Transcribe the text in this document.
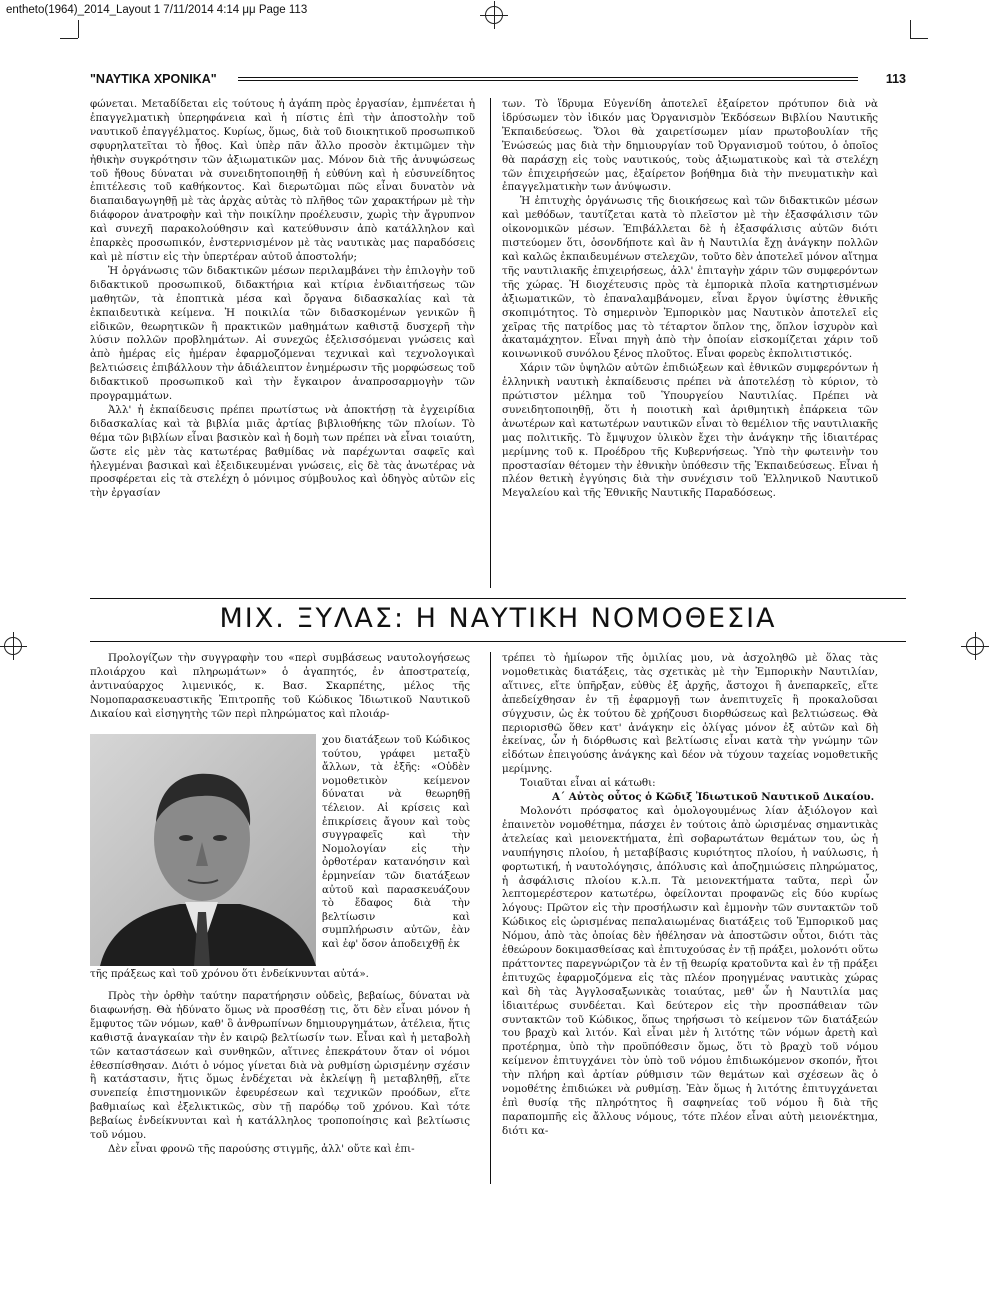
entheto(1964)_2014_Layout 1 7/11/2014 4:14 μμ Page 113
"ΝΑΥΤΙΚΑ ΧΡΟΝΙΚΑ"	113

φώνεται. Μεταδίδεται εἰς τούτους ἡ ἀγάπη πρὸς ἐργασίαν, ἐμπνέεται ἡ ἐπαγγελματικὴ ὑπερηφάνεια καὶ ἡ πίστις ἐπὶ τὴν ἀποστολὴν τοῦ ναυτικοῦ ἐπαγγέλματος. Κυρίως, ὅμως, διὰ τοῦ διοικητικοῦ προσωπικοῦ σφυρηλατεῖται τὸ ἦθος. Καὶ ὑπὲρ πᾶν ἄλλο προσὸν ἐκτιμῶμεν τὴν ἠθικὴν συγκρότησιν τῶν ἀξιωματικῶν μας. Μόνον διὰ τῆς ἀνυψώσεως τοῦ ἤθους δύναται νὰ συνειδητοποιηθῇ ἡ εὐθύνη καὶ ἡ εὐσυνείδητος ἐπιτέλεσις τοῦ καθήκοντος. Καὶ διερωτῶμαι πῶς εἶναι δυνατὸν νὰ διαπαιδαγωγηθῇ μὲ τὰς ἀρχὰς αὐτὰς τὸ πλῆθος τῶν χαρακτήρων μὲ τὴν διάφορον ἀνατροφὴν καὶ τὴν ποικίλην προέλευσιν, χωρὶς τὴν ἄγρυπνον καὶ συνεχῆ παρακολούθησιν καὶ κατεύθυνσιν ἀπὸ κατάλληλον καὶ ἐπαρκὲς προσωπικόν, ἐνστερνισμένον μὲ τὰς ναυτικὰς μας παραδόσεις καὶ μὲ πίστιν εἰς τὴν ὑπερτέραν αὐτοῦ ἀποστολήν;

Ἡ ὀργάνωσις τῶν διδακτικῶν μέσων περιλαμβάνει τὴν ἐπιλογὴν τοῦ διδακτικοῦ προσωπικοῦ, διδακτήρια καὶ κτίρια ἐνδιαιτήσεως τῶν μαθητῶν, τὰ ἐποπτικὰ μέσα καὶ ὄργανα διδασκαλίας καὶ τὰ ἐκπαιδευτικὰ κείμενα. Ἡ ποικιλία τῶν διδασκομένων γενικῶν ἢ εἰδικῶν, θεωρητικῶν ἢ πρακτικῶν μαθημάτων καθιστᾷ δυσχερῆ τὴν λύσιν πολλῶν προβλημάτων. Αἱ συνεχῶς ἐξελισσόμεναι γνώσεις καὶ ἀπὸ ἡμέρας εἰς ἡμέραν ἐφαρμοζόμεναι τεχνικαὶ καὶ τεχνολογικαὶ βελτιώσεις ἐπιβάλλουν τὴν ἀδιάλειπτον ἐνημέρωσιν τῆς μορφώσεως τοῦ διδακτικοῦ προσωπικοῦ καὶ τὴν ἔγκαιρον ἀναπροσαρμογὴν τῶν προγραμμάτων.

Ἀλλ' ἡ ἐκπαίδευσις πρέπει πρωτίστως νὰ ἀποκτήσῃ τὰ ἐγχειρίδια διδασκαλίας καὶ τὰ βιβλία μιᾶς ἀρτίας βιβλιοθήκης τῶν πλοίων. Τὸ θέμα τῶν βιβλίων εἶναι βασικὸν καὶ ἡ δομὴ των πρέπει νὰ εἶναι τοιαύτη, ὥστε εἰς μὲν τὰς κατωτέρας βαθμίδας νὰ παρέχωνται σαφεῖς καὶ ἠλεγμέναι βασικαὶ καὶ ἐξειδικευμέναι γνώσεις, εἰς δὲ τὰς ἀνωτέρας νὰ προσφέρεται εἰς τὰ στελέχη ὁ μόνιμος σύμβουλος καὶ ὁδηγὸς αὐτῶν εἰς τὴν ἐργασίαν

των. Τὸ ἵδρυμα Εὐγενίδη ἀποτελεῖ ἐξαίρετον πρότυπον διὰ νὰ ἱδρύσωμεν τὸν ἰδικόν μας Ὀργανισμὸν Ἐκδόσεων Βιβλίου Ναυτικῆς Ἐκπαιδεύσεως. Ὅλοι θὰ χαιρετίσωμεν μίαν πρωτοβουλίαν τῆς Ἑνώσεώς μας διὰ τὴν δημιουργίαν τοῦ Ὀργανισμοῦ τούτου, ὁ ὁποῖος θὰ παράσχῃ εἰς τοὺς ναυτικούς, τοὺς ἀξιωματικοὺς καὶ τὰ στελέχη τῶν ἐπιχειρήσεών μας, ἐξαίρετον βοήθημα διὰ τὴν πνευματικὴν καὶ ἐπαγγελματικὴν των ἀνύψωσιν.

Ἡ ἐπιτυχὴς ὀργάνωσις τῆς διοικήσεως καὶ τῶν διδακτικῶν μέσων καὶ μεθόδων, ταυτίζεται κατὰ τὸ πλεῖστον μὲ τὴν ἐξασφάλισιν τῶν οἰκονομικῶν μέσων. Ἐπιβάλλεται δὲ ἡ ἐξασφάλισις αὐτῶν διότι πιστεύομεν ὅτι, ὁσονδήποτε καὶ ἂν ἡ Ναυτιλία ἔχῃ ἀνάγκην πολλῶν καὶ καλῶς ἐκπαιδευμένων στελεχῶν, τοῦτο δὲν ἀποτελεῖ μόνον αἴτημα τῆς ναυτιλιακῆς ἐπιχειρήσεως, ἀλλ' ἐπιταγὴν χάριν τῶν συμφερόντων τῆς χώρας. Ἡ διοχέτευσις πρὸς τὰ ἐμπορικὰ πλοῖα κατηρτισμένων ἀξιωματικῶν, τὸ ἐπαναλαμβάνομεν, εἶναι ἔργον ὑψίστης ἐθνικῆς σκοπιμότητος. Τὸ σημερινὸν Ἐμπορικὸν μας Ναυτικὸν ἀποτελεῖ εἰς χεῖρας τῆς πατρίδος μας τὸ τέταρτον ὅπλον της, ὅπλον ἰσχυρὸν καὶ ἀκαταμάχητον. Εἶναι πηγὴ ἀπὸ τὴν ὁποίαν εἰσκομίζεται χάριν τοῦ κοινωνικοῦ συνόλου ξένος πλοῦτος. Εἶναι φορεὺς ἐκπολιτιστικός.

Χάριν τῶν ὑψηλῶν αὐτῶν ἐπιδιώξεων καὶ ἐθνικῶν συμφερόντων ἡ ἑλληνικὴ ναυτικὴ ἐκπαίδευσις πρέπει νὰ ἀποτελέσῃ τὸ κύριον, τὸ πρώτιστον μέλημα τοῦ Ὑπουργείου Ναυτιλίας. Πρέπει νὰ συνειδητοποιηθῇ, ὅτι ἡ ποιοτικὴ καὶ ἀριθμητικὴ ἐπάρκεια τῶν ἀνωτέρων καὶ κατωτέρων ναυτικῶν εἶναι τὸ θεμέλιον τῆς ναυτιλιακῆς μας πολιτικῆς. Τὸ ἔμψυχον ὑλικὸν ἔχει τὴν ἀνάγκην τῆς ἰδιαιτέρας μερίμνης τοῦ κ. Προέδρου τῆς Κυβερνήσεως. Ὑπὸ τὴν φωτεινὴν του προστασίαν θέτομεν τὴν ἐθνικὴν ὑπόθεσιν τῆς Ἐκπαιδεύσεως. Εἶναι ἡ πλέον θετικὴ ἐγγύησις διὰ τὴν συνέχισιν τοῦ Ἑλληνικοῦ Ναυτικοῦ Μεγαλείου καὶ τῆς Ἐθνικῆς Ναυτικῆς Παραδόσεως.

ΜΙΧ. ΞΥΛΑΣ: Η ΝΑΥΤΙΚΗ ΝΟΜΟΘΕΣΙΑ

Προλογίζων τὴν συγγραφὴν του «περὶ συμβάσεως ναυτολογήσεως πλοιάρχου καὶ πληρωμάτων» ὁ ἀγαπητός, ἐν ἀποστρατείᾳ, ἀντιναύαρχος λιμενικός, κ. Βασ. Σκαρπέτης, μέλος τῆς Νομοπαρασκευαστικῆς Ἐπιτροπῆς τοῦ Κώδικος Ἰδιωτικοῦ Ναυτικοῦ Δικαίου καὶ εἰσηγητὴς τῶν περὶ πληρώματος καὶ πλοιάρ-

χου διατάξεων τοῦ Κώδικος τούτου, γράφει μεταξὺ ἄλλων, τὰ ἑξῆς: «Οὐδὲν νομοθετικὸν κείμενον δύναται νὰ θεωρηθῇ τέλειον. Αἱ κρίσεις καὶ ἐπικρίσεις ἄγουν καὶ τοὺς συγγραφεῖς καὶ τὴν Νομολογίαν εἰς τὴν ὀρθοτέραν κατανόησιν καὶ ἑρμηνείαν τῶν διατάξεων αὐτοῦ καὶ παρασκευάζουν τὸ ἔδαφος διὰ τὴν βελτίωσιν καὶ συμπλήρωσιν αὐτῶν, ἐὰν καὶ ἐφ' ὅσον ἀποδειχθῇ ἐκ

τῆς πράξεως καὶ τοῦ χρόνου ὅτι ἐνδείκνυνται αὐτά».

Πρὸς τὴν ὀρθὴν ταύτην παρατήρησιν οὐδεὶς, βεβαίως, δύναται νὰ διαφωνήσῃ. Θὰ ἠδύνατο ὅμως νὰ προσθέσῃ τις, ὅτι δὲν εἶναι μόνον ἡ ἔμφυτος τῶν νόμων, καθ' ὃ ἀνθρωπίνων δημιουργημάτων, ἀτέλεια, ἥτις καθιστᾷ ἀναγκαίαν τὴν ἐν καιρῷ βελτίωσίν των. Εἶναι καὶ ἡ μεταβολὴ τῶν καταστάσεων καὶ συνθηκῶν, αἵτινες ἐπεκράτουν ὅταν οἱ νόμοι ἐθεσπίσθησαν. Διότι ὁ νόμος γίνεται διὰ νὰ ρυθμίσῃ ὡρισμένην σχέσιν ἢ κατάστασιν, ἥτις ὅμως ἐνδέχεται νὰ ἐκλείψῃ ἢ μεταβληθῇ, εἴτε συνεπείᾳ ἐπιστημονικῶν ἐφευρέσεων καὶ τεχνικῶν προόδων, εἴτε βαθμιαίως καὶ ἐξελικτικῶς, σὺν τῇ παρόδῳ τοῦ χρόνου. Καὶ τότε βεβαίως ἐνδείκνυνται καὶ ἡ κατάλληλος τροποποίησις καὶ βελτίωσις τοῦ νόμου.

Δὲν εἶναι φρονῶ τῆς παρούσης στιγμῆς, ἀλλ' οὔτε καὶ ἐπι-

τρέπει τὸ ἡμίωρον τῆς ὁμιλίας μου, νὰ ἀσχοληθῶ μὲ ὅλας τὰς νομοθετικὰς διατάξεις, τὰς σχετικὰς μὲ τὴν Ἐμπορικὴν Ναυτιλίαν, αἵτινες, εἴτε ὑπῆρξαν, εὐθὺς ἐξ ἀρχῆς, ἄστοχοι ἢ ἀνεπαρκεῖς, εἴτε ἀπεδείχθησαν ἐν τῇ ἐφαρμογῇ των ἀνεπιτυχεῖς ἢ προκαλοῦσαι σύγχυσιν, ὡς ἐκ τούτου δὲ χρήζουσι διορθώσεως καὶ βελτιώσεως. Θὰ περιορισθῶ ὅθεν κατ' ἀνάγκην εἰς ὀλίγας μόνον ἐξ αὐτῶν καὶ δὴ ἐκείνας, ὧν ἡ διόρθωσις καὶ βελτίωσις εἶναι κατὰ τὴν γνώμην τῶν εἰδότων ἐπειγούσης ἀνάγκης καὶ δέον νὰ τύχουν ταχείας νομοθετικῆς μερίμνης.

Τοιαῦται εἶναι αἱ κάτωθι:

Α΄ Αὐτὸς οὗτος ὁ Κῶδιξ Ἰδιωτικοῦ Ναυτικοῦ Δικαίου.

Μολονότι πρόσφατος καὶ ὁμολογουμένως λίαν ἀξιόλογον καὶ ἐπαινετὸν νομοθέτημα, πάσχει ἐν τούτοις ἀπὸ ὡρισμένας σημαντικὰς ἀτελείας καὶ μειονεκτήματα, ἐπὶ σοβαρωτάτων θεμάτων του, ὡς ἡ ναυπήγησις πλοίου, ἡ μεταβίβασις κυριότητος πλοίου, ἡ ναύλωσις, ἡ φορτωτική, ἡ ναυτολόγησις, ἀπόλυσις καὶ ἀποζημιώσεις πληρώματος, ἡ ἀσφάλισις πλοίου κ.λ.π. Τὰ μειονεκτήματα ταῦτα, περὶ ὧν λεπτομερέστερον κατωτέρω, ὀφείλονται προφανῶς εἰς δύο κυρίως λόγους: Πρῶτον εἰς τὴν προσήλωσιν καὶ ἐμμονὴν τῶν συντακτῶν τοῦ Κώδικος εἰς ὡρισμένας πεπαλαιωμένας διατάξεις τοῦ Ἐμπορικοῦ μας Νόμου, ἀπὸ τὰς ὁποίας δὲν ἠθέλησαν νὰ ἀποστῶσιν οὗτοι, διότι τὰς ἐθεώρουν δοκιμασθείσας καὶ ἐπιτυχούσας ἐν τῇ πράξει, μολονότι οὕτω πράττοντες παρεγνώριζον τὰ ἐν τῇ θεωρίᾳ κρατοῦντα καὶ ἐν τῇ πράξει ἐπιτυχῶς ἐφαρμοζόμενα εἰς τὰς πλέον προηγμένας ναυτικὰς χώρας καὶ δὴ τὰς Ἀγγλοσαξωνικὰς τοιαύτας, μεθ' ὧν ἡ Ναυτιλία μας ἰδιαιτέρως συνδέεται. Καὶ δεύτερον εἰς τὴν προσπάθειαν τῶν συντακτῶν τοῦ Κώδικος, ὅπως τηρήσωσι τὸ κείμενον τῶν διατάξεών του βραχὺ καὶ λιτόν. Καὶ εἶναι μὲν ἡ λιτότης τῶν νόμων ἀρετὴ καὶ προτέρημα, ὑπὸ τὴν προϋπόθεσιν ὅμως, ὅτι τὸ βραχὺ τοῦ νόμου κείμενον ἐπιτυγχάνει τὸν ὑπὸ τοῦ νόμου ἐπιδιωκόμενον σκοπόν, ἤτοι τὴν πλήρη καὶ ἀρτίαν ρύθμισιν τῶν θεμάτων καὶ σχέσεων ἃς ὁ νομοθέτης ἐπιδιώκει νὰ ρυθμίσῃ. Ἐὰν ὅμως ἡ λιτότης ἐπιτυγχάνεται ἐπὶ θυσίᾳ τῆς πληρότητος ἢ σαφηνείας τοῦ νόμου ἢ διὰ τῆς παραπομπῆς εἰς ἄλλους νόμους, τότε πλέον εἶναι αὐτὴ μειονέκτημα, διότι κα-
